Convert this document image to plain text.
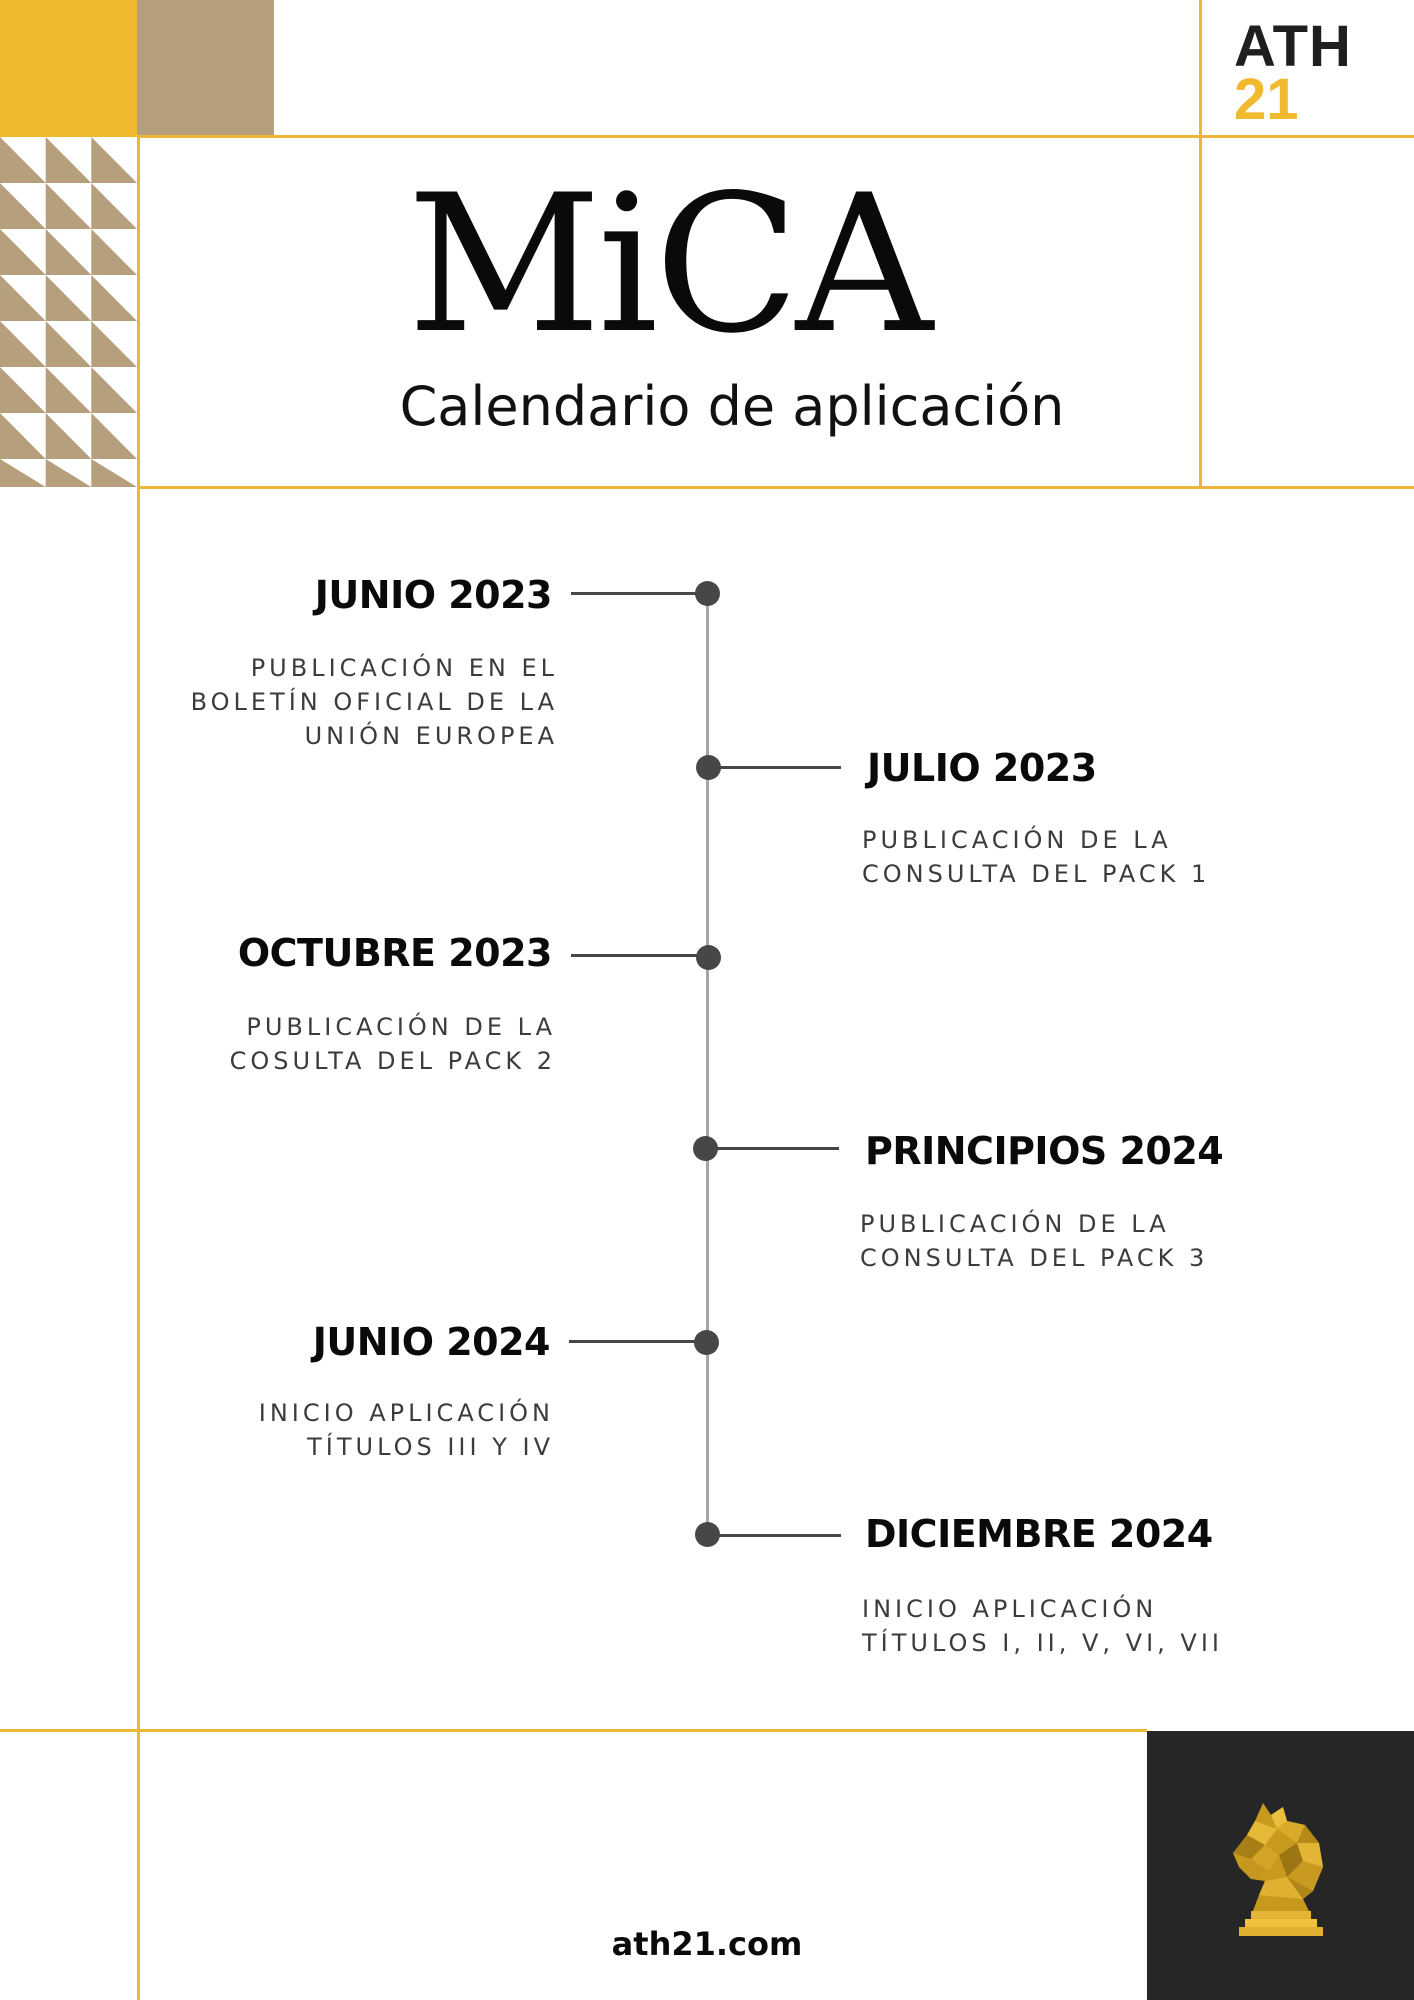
ATH
21
MiCA
Calendario de aplicación
JUNIO 2023
PUBLICACIÓN EN EL
BOLETÍN OFICIAL DE LA
UNIÓN EUROPEA
JULIO 2023
PUBLICACIÓN DE LA
CONSULTA DEL PACK 1
OCTUBRE 2023
PUBLICACIÓN DE LA
COSULTA DEL PACK 2
PRINCIPIOS 2024
PUBLICACIÓN DE LA
CONSULTA DEL PACK 3
JUNIO 2024
INICIO APLICACIÓN
TÍTULOS III Y IV
DICIEMBRE 2024
INICIO APLICACIÓN
TÍTULOS I, II, V, VI, VII
ath21.com
